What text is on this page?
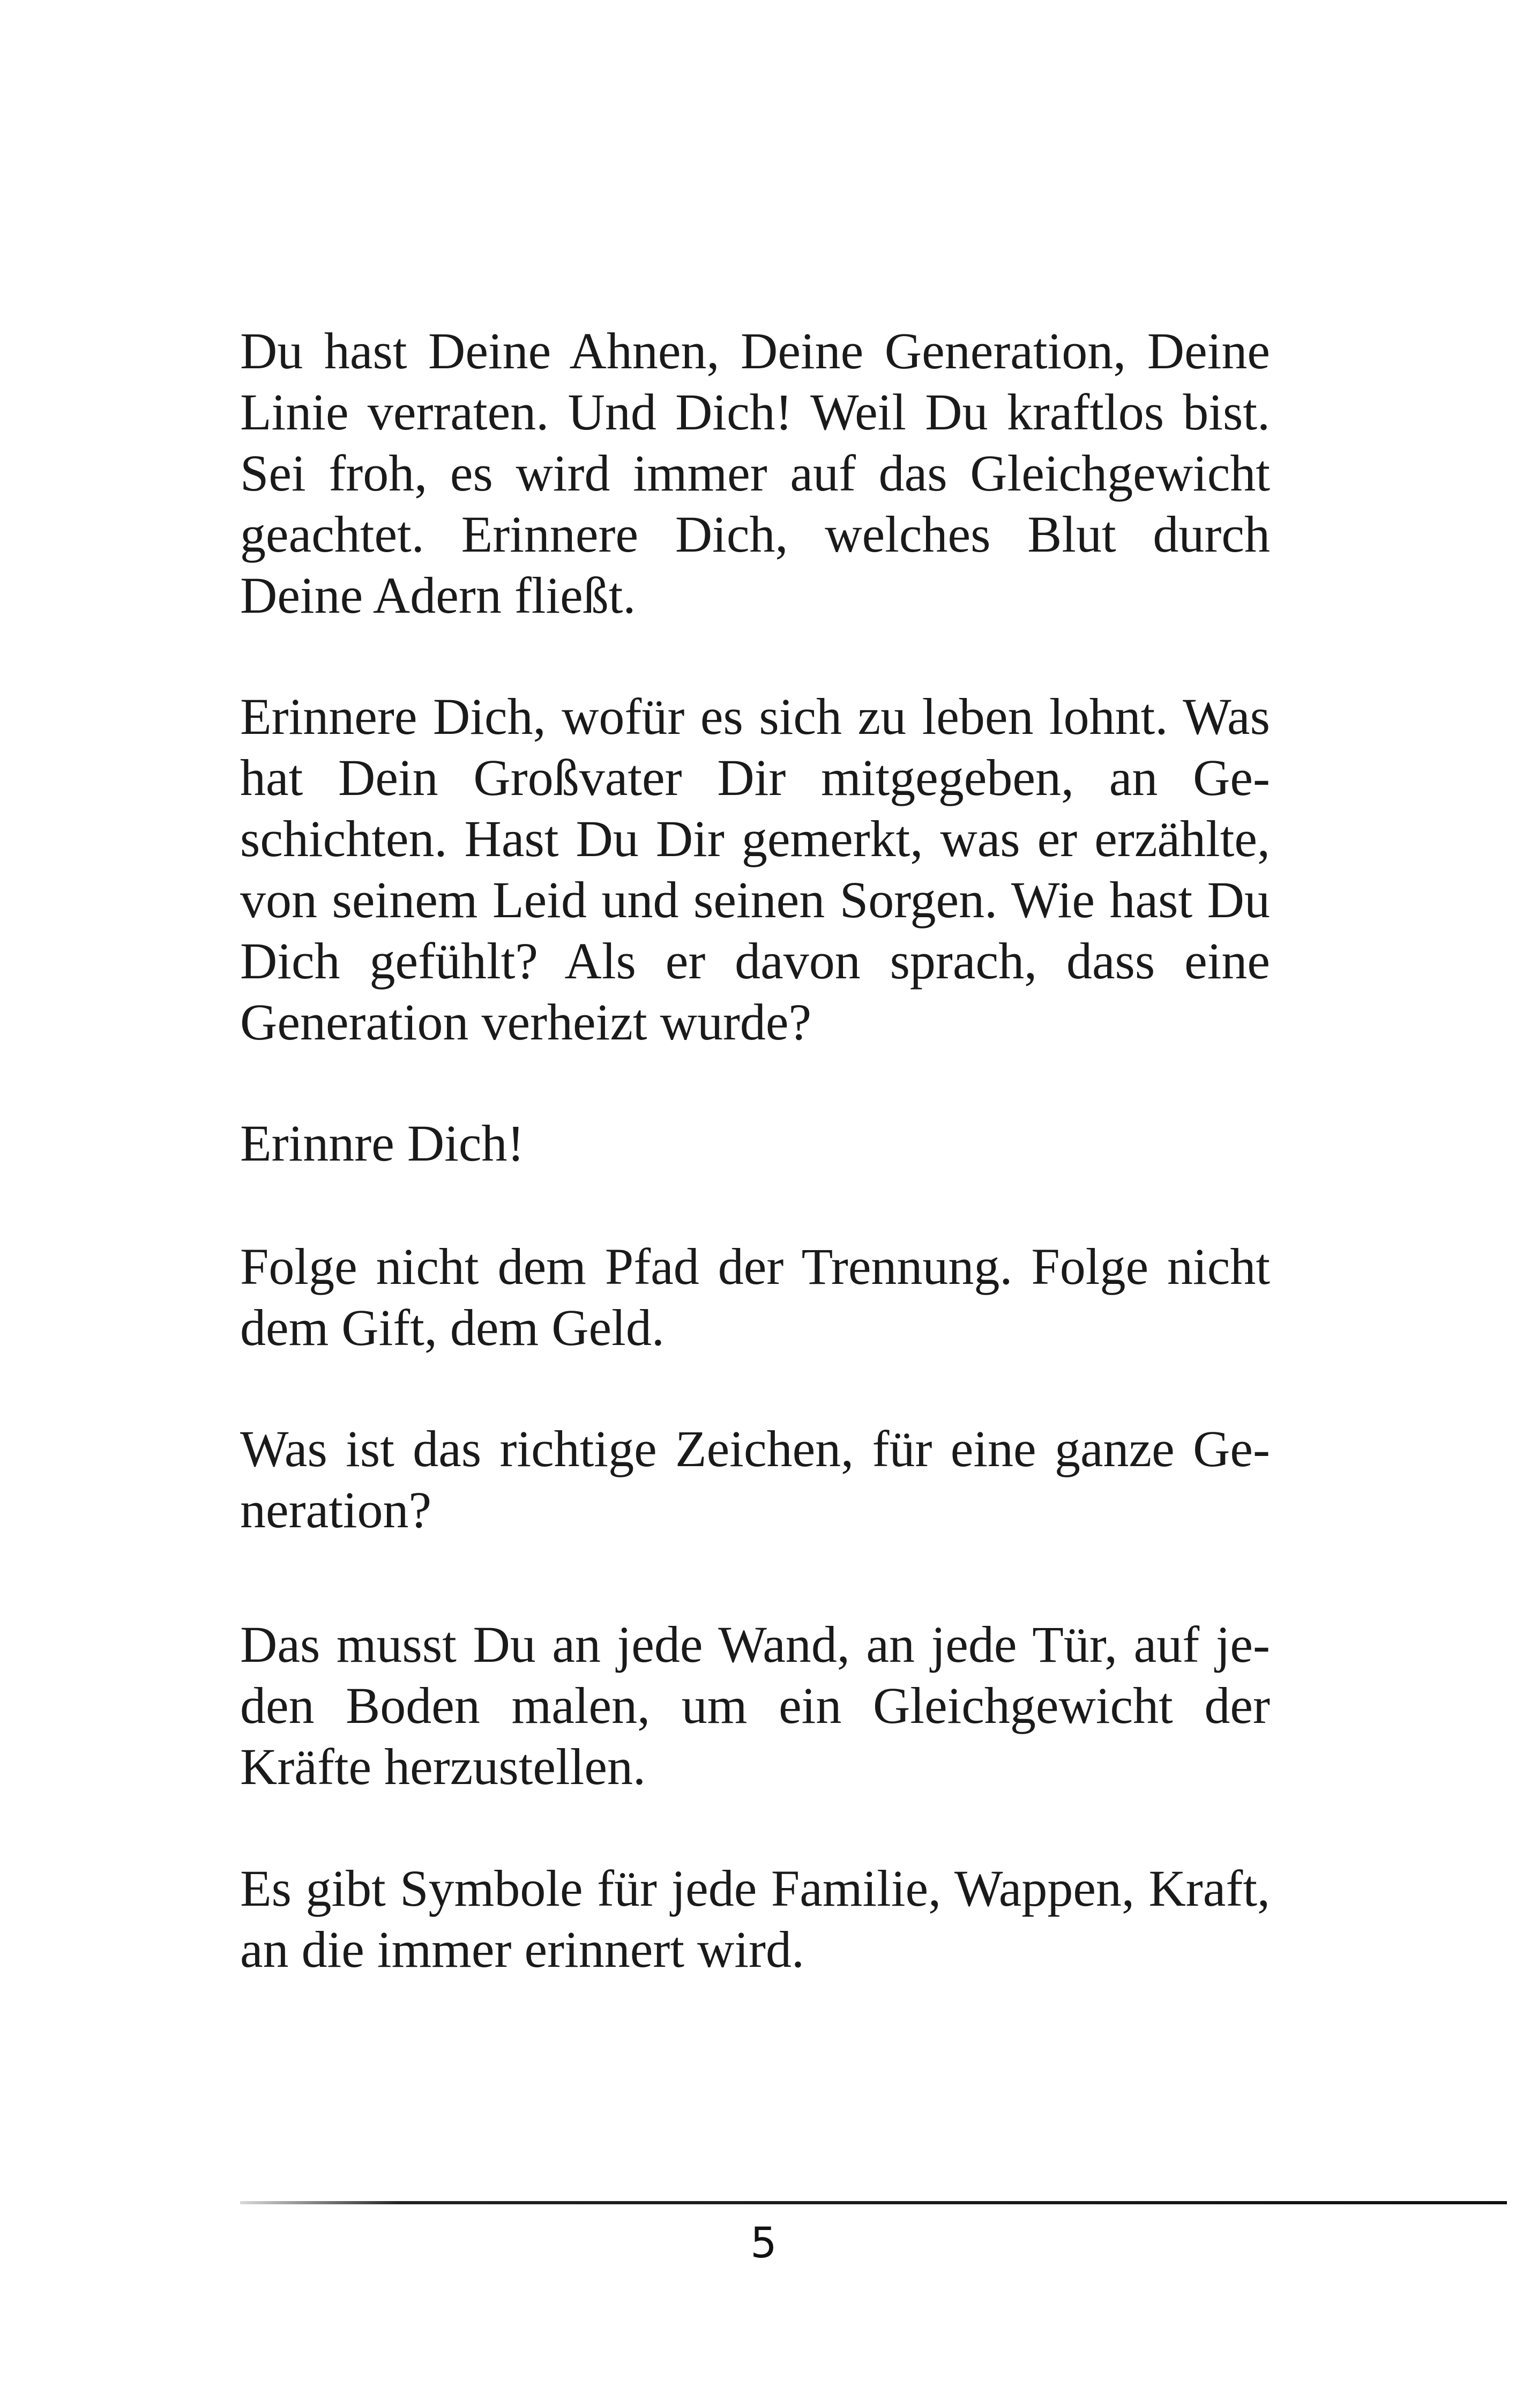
Du hast Deine Ahnen, Deine Generation, Deine Linie verraten. Und Dich! Weil Du kraftlos bist. Sei froh, es wird immer auf das Gleichgewicht geachtet. Erinnere Dich, welches Blut durch Deine Adern fließt.

Erinnere Dich, wofür es sich zu leben lohnt. Was hat Dein Großvater Dir mitgegeben, an Geschichten. Hast Du Dir gemerkt, was er erzählte, von seinem Leid und seinen Sorgen. Wie hast Du Dich gefühlt? Als er davon sprach, dass eine Generation verheizt wurde?

Erinnre Dich!

Folge nicht dem Pfad der Trennung. Folge nicht dem Gift, dem Geld.

Was ist das richtige Zeichen, für eine ganze Generation?

Das musst Du an jede Wand, an jede Tür, auf jeden Boden malen, um ein Gleichgewicht der Kräfte herzustellen.

Es gibt Symbole für jede Familie, Wappen, Kraft, an die immer erinnert wird.

5
